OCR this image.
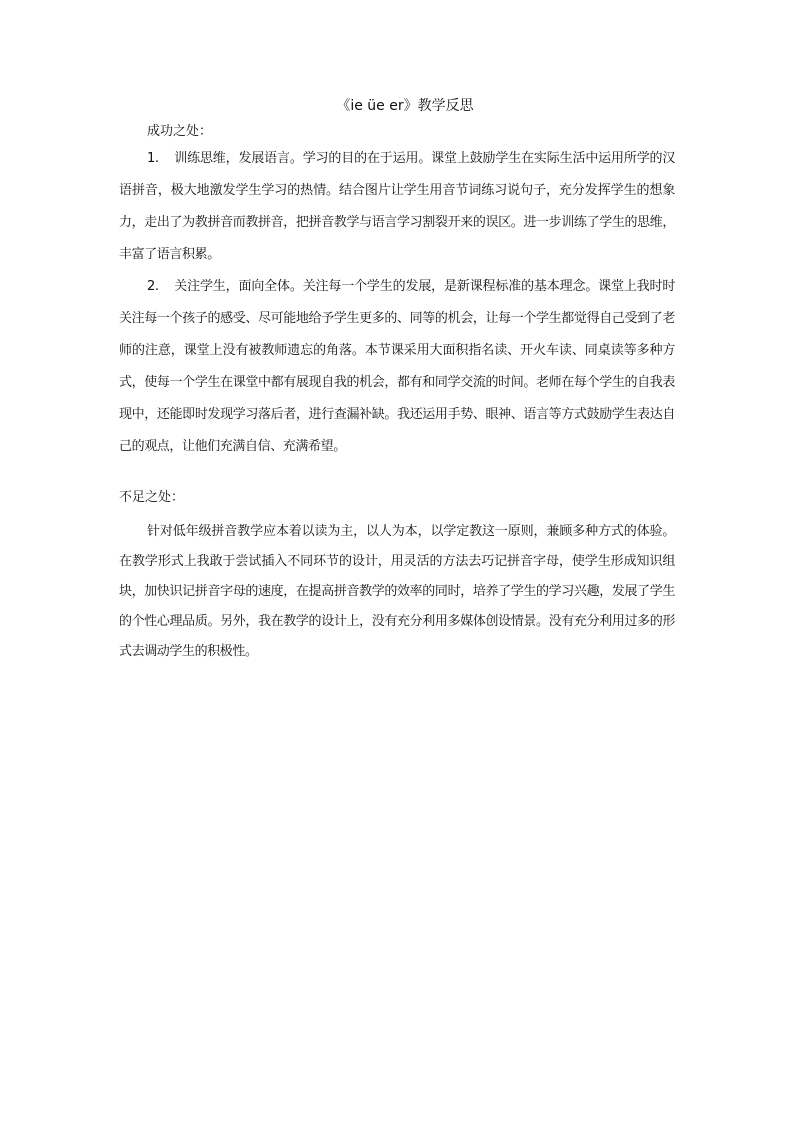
《ie üe er》教学反思
成功之处：

1. 训练思维，发展语言。学习的目的在于运用。课堂上鼓励学生在实际生活中运用所学的汉语拼音，极大地激发学生学习的热情。结合图片让学生用音节词练习说句子，充分发挥学生的想象力，走出了为教拼音而教拼音，把拼音教学与语言学习割裂开来的误区。进一步训练了学生的思维，丰富了语言积累。

2. 关注学生，面向全体。关注每一个学生的发展，是新课程标准的基本理念。课堂上我时时关注每一个孩子的感受、尽可能地给予学生更多的、同等的机会，让每一个学生都觉得自己受到了老师的注意，课堂上没有被教师遗忘的角落。本节课采用大面积指名读、开火车读、同桌读等多种方式，使每一个学生在课堂中都有展现自我的机会，都有和同学交流的时间。老师在每个学生的自我表现中，还能即时发现学习落后者，进行查漏补缺。我还运用手势、眼神、语言等方式鼓励学生表达自己的观点，让他们充满自信、充满希望。

不足之处：

针对低年级拼音教学应本着以读为主，以人为本，以学定教这一原则，兼顾多种方式的体验。在教学形式上我敢于尝试插入不同环节的设计，用灵活的方法去巧记拼音字母，使学生形成知识组块，加快识记拼音字母的速度，在提高拼音教学的效率的同时，培养了学生的学习兴趣，发展了学生的个性心理品质。另外，我在教学的设计上，没有充分利用多媒体创设情景。没有充分利用过多的形式去调动学生的积极性。
